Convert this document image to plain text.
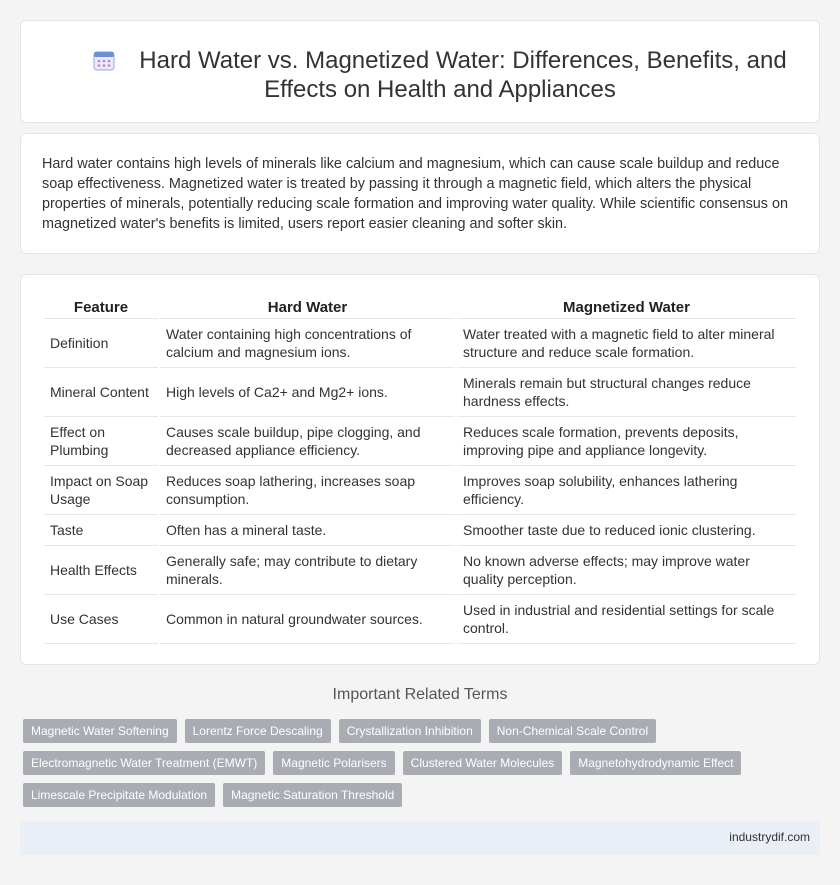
Hard Water vs. Magnetized Water: Differences, Benefits, and Effects on Health and Appliances

Hard water contains high levels of minerals like calcium and magnesium, which can cause scale buildup and reduce soap effectiveness. Magnetized water is treated by passing it through a magnetic field, which alters the physical properties of minerals, potentially reducing scale formation and improving water quality. While scientific consensus on magnetized water's benefits is limited, users report easier cleaning and softer skin.

Feature	Hard Water	Magnetized Water
Definition	Water containing high concentrations of calcium and magnesium ions.	Water treated with a magnetic field to alter mineral structure and reduce scale formation.
Mineral Content	High levels of Ca2+ and Mg2+ ions.	Minerals remain but structural changes reduce hardness effects.
Effect on Plumbing	Causes scale buildup, pipe clogging, and decreased appliance efficiency.	Reduces scale formation, prevents deposits, improving pipe and appliance longevity.
Impact on Soap Usage	Reduces soap lathering, increases soap consumption.	Improves soap solubility, enhances lathering efficiency.
Taste	Often has a mineral taste.	Smoother taste due to reduced ionic clustering.
Health Effects	Generally safe; may contribute to dietary minerals.	No known adverse effects; may improve water quality perception.
Use Cases	Common in natural groundwater sources.	Used in industrial and residential settings for scale control.
Important Related Terms
Magnetic Water Softening	Lorentz Force Descaling	Crystallization Inhibition	Non-Chemical Scale Control
Electromagnetic Water Treatment (EMWT)	Magnetic Polarisers	Clustered Water Molecules	Magnetohydrodynamic Effect
Limescale Precipitate Modulation	Magnetic Saturation Threshold
industrydif.com
